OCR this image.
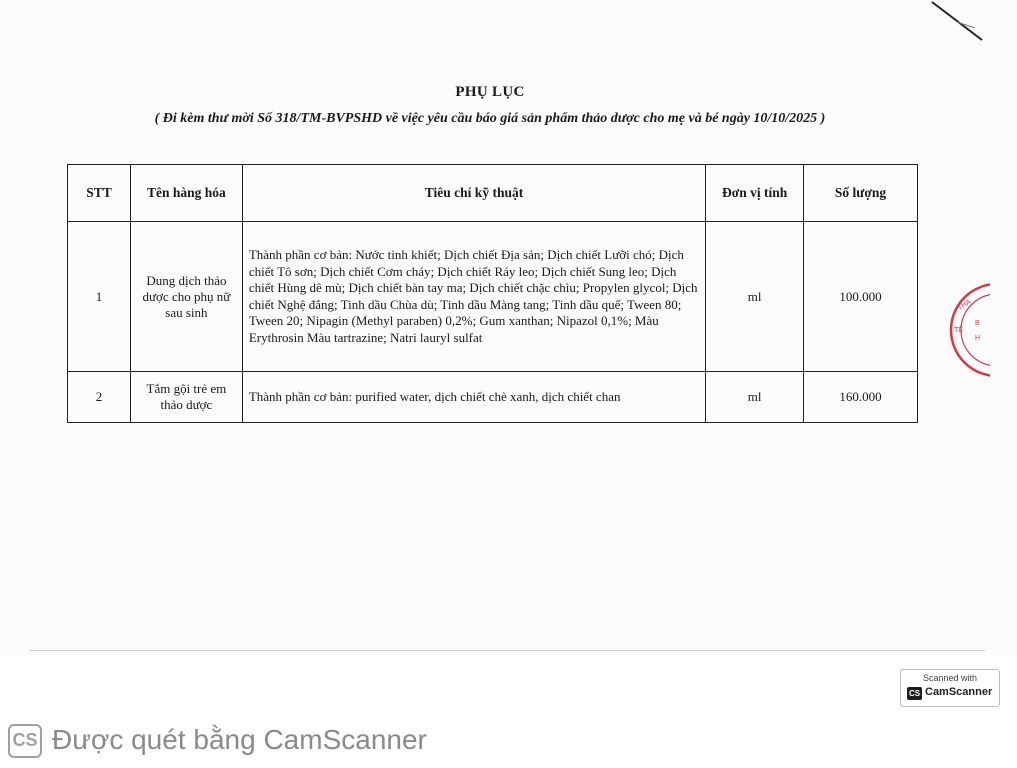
PHỤ LỤC
( Đi kèm thư mời Số 318/TM-BVPSHD về việc yêu cầu báo giá sản phẩm thảo dược cho mẹ và bé ngày 10/10/2025 )
STT	Tên hàng hóa	Tiêu chí kỹ thuật	Đơn vị tính	Số lượng
1	Dung dịch thảo dược cho phụ nữ sau sinh	Thành phần cơ bản: Nước tinh khiết; Dịch chiết Địa sản; Dịch chiết Lưỡi chó; Dịch chiết Tô sơn; Dịch chiết Cơm cháy; Dịch chiết Ráy leo; Dịch chiết Sung leo; Dịch chiết Hùng dê mù; Dịch chiết bàn tay ma; Dịch chiết chặc chìu; Propylen glycol; Dịch chiết Nghệ đắng; Tinh dầu Chùa dù; Tinh dầu Màng tang; Tinh dầu quế; Tween 80; Tween 20; Nipagin (Methyl paraben) 0,2%; Gum xanthan; Nipazol 0,1%; Màu Erythrosin Màu tartrazine; Natri lauryl sulfat	ml	100.000
2	Tắm gội trẻ em thảo dược	Thành phần cơ bản: purified water, dịch chiết chè xanh, dịch chiết chan	ml	160.000
THA
TẾ
B
H
Scanned with
CS CamScanner
CS Được quét bằng CamScanner
